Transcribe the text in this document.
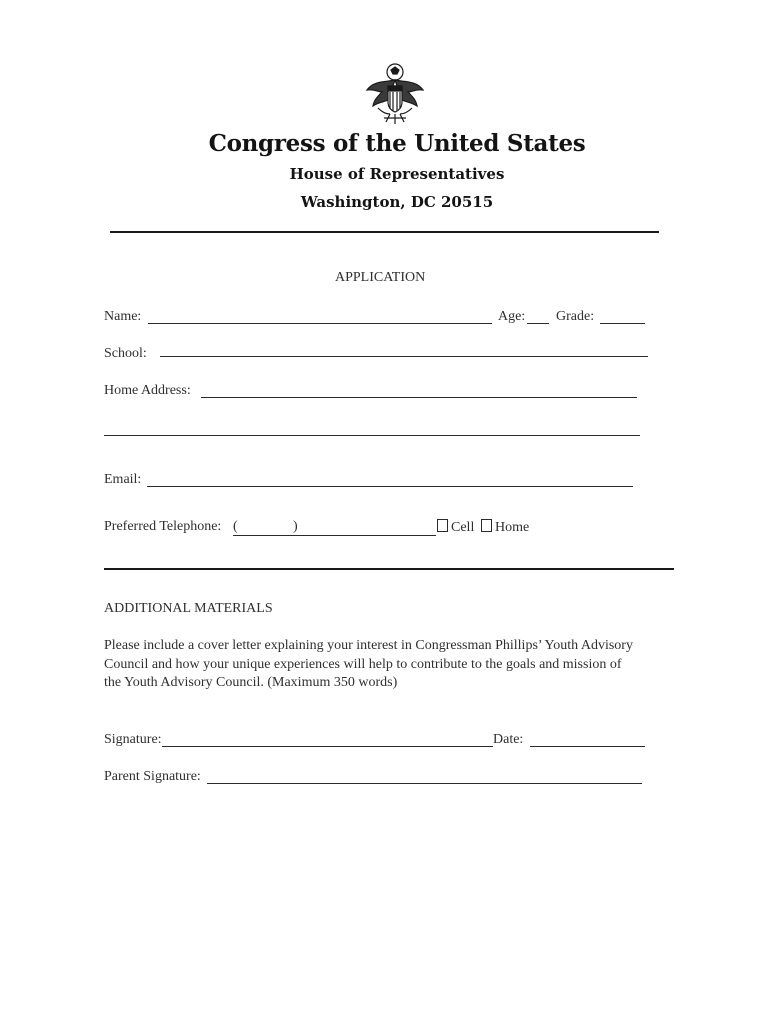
Congress of the United States
House of Representatives
Washington, DC 20515
APPLICATION
Name:	Age: Grade:
School:
Home Address:
Email:
Preferred Telephone: (	)	Cell	Home
ADDITIONAL MATERIALS
Please include a cover letter explaining your interest in Congressman Phillips’ Youth Advisory
Council and how your unique experiences will help to contribute to the goals and mission of
the Youth Advisory Council. (Maximum 350 words)
Signature:	Date:
Parent Signature:
